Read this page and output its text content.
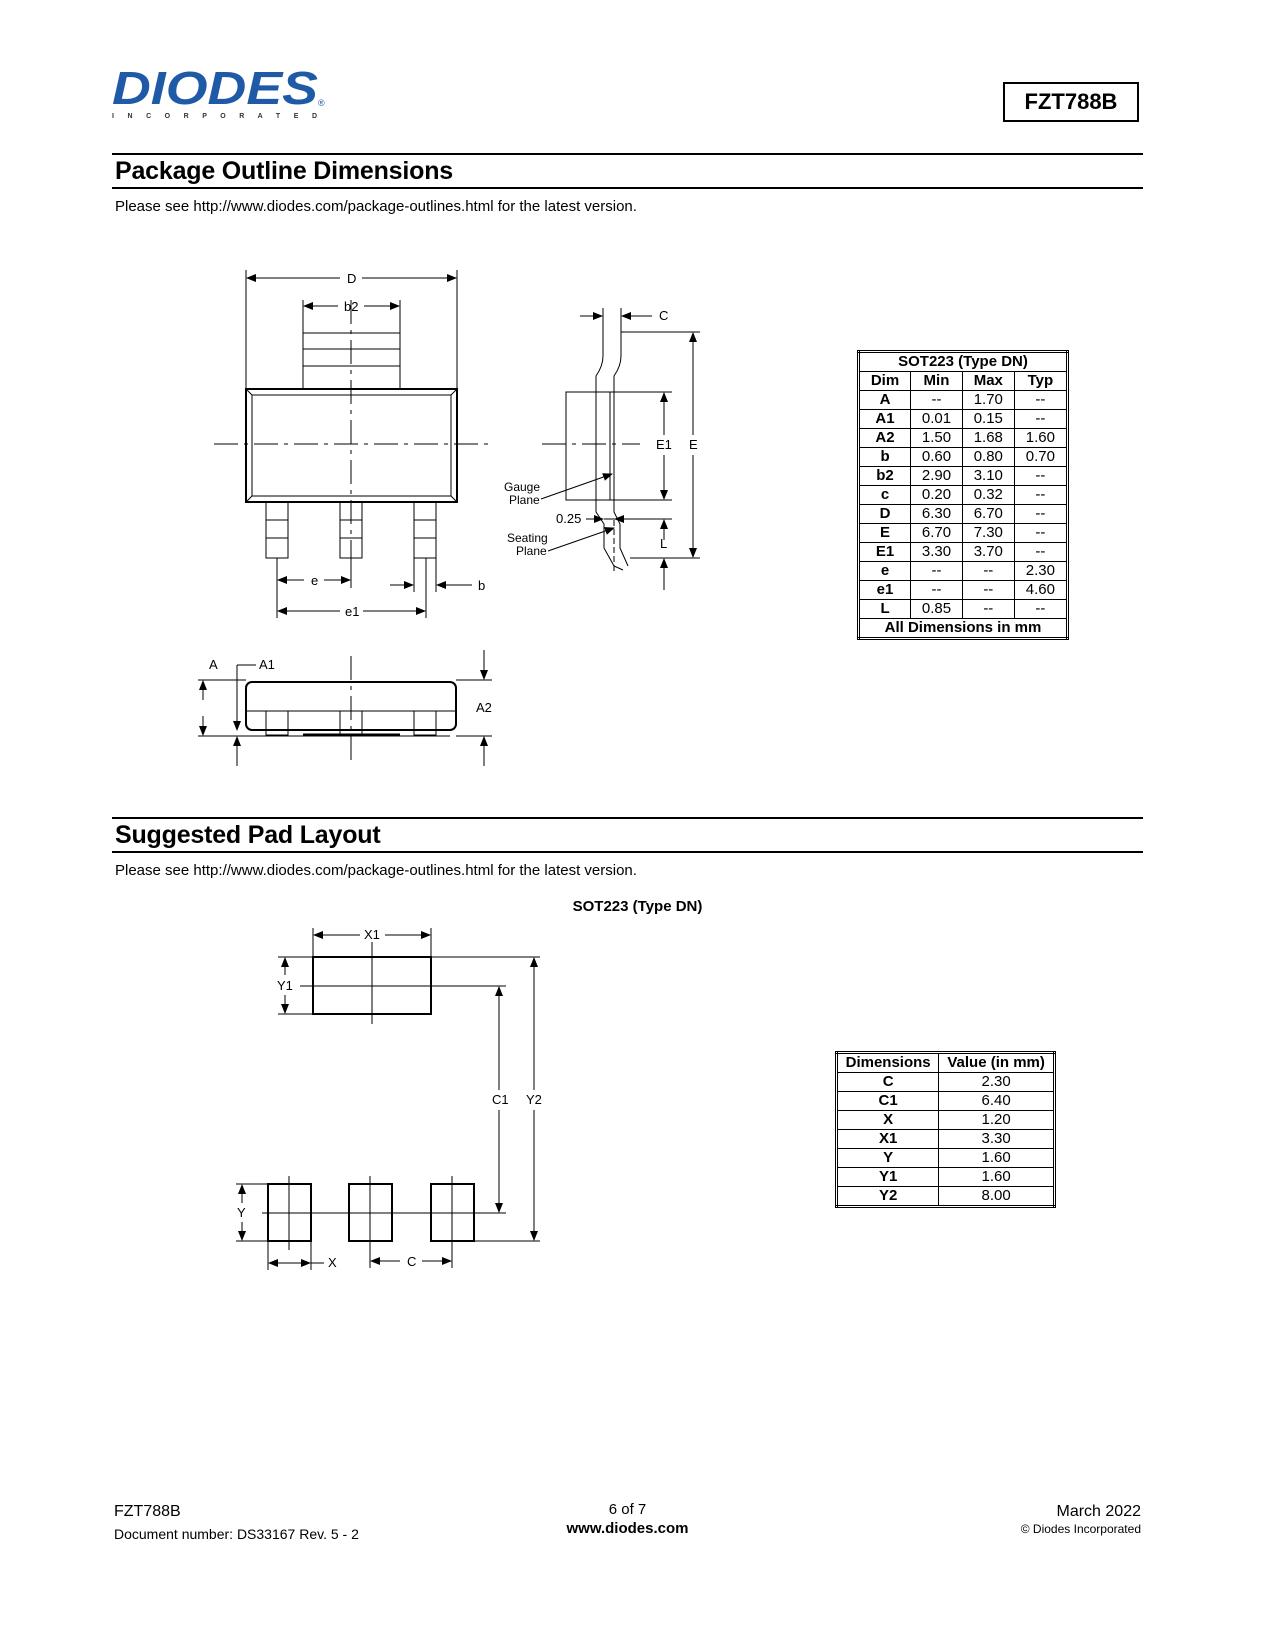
DIODES ®
I N C O R P O R A T E D
FZT788B
Package Outline Dimensions
Please see http://www.diodes.com/package-outlines.html for the latest version.
D
b2
C
E1 E
Gauge
Plane
0.25
L
Seating
Plane
e
e1
b
A	A1
A2
SOT223 (Type DN)			
Dim	Min	Max	Typ
A	--	1.70	--
A1	0.01	0.15	--
A2	1.50	1.68	1.60
b	0.60	0.80	0.70
b2	2.90	3.10	--
c	0.20	0.32	--
D	6.30	6.70	--
E	6.70	7.30	--
E1	3.30	3.70	--
e	--	--	2.30
e1	--	--	4.60
L	0.85	--	--
All Dimensions in mm			
Suggested Pad Layout
Please see http://www.diodes.com/package-outlines.html for the latest version.
SOT223 (Type DN)
X1
Y1
C1 Y2
Y
X	C
Dimensions	Value (in mm)
C	2.30
C1	6.40
X	1.20
X1	3.30
Y	1.60
Y1	1.60
Y2	8.00
FZT788B
Document number: DS33167 Rev. 5 - 2
6 of 7
www.diodes.com
March 2022
© Diodes Incorporated
